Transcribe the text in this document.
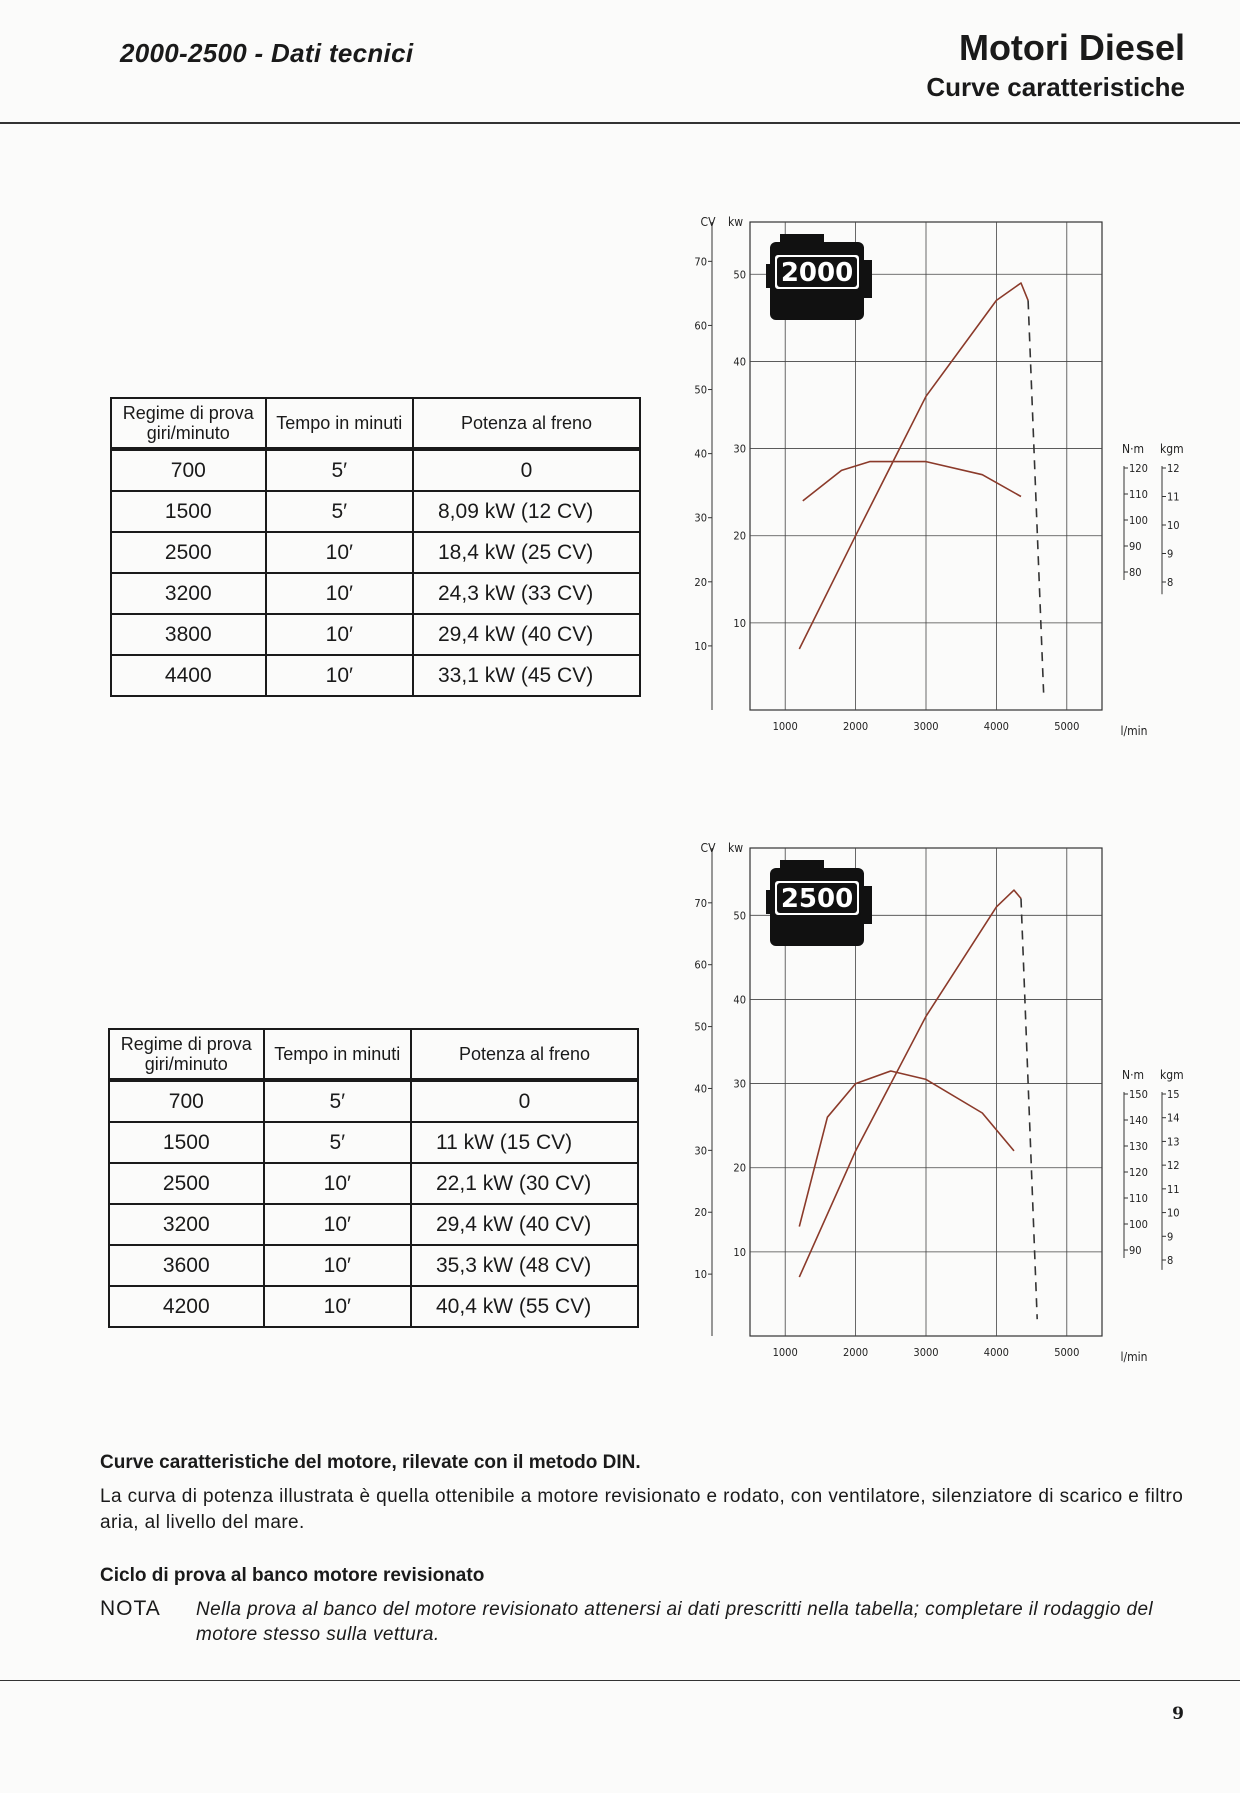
2000-2500 - Dati tecnici	Motori Diesel
Curve caratteristiche
Regime di prova giri/minuto	Tempo in minuti	Potenza al freno
700	5′	0
1500	5′	8,09 kW (12 CV)
2500	10′	18,4 kW (25 CV)
3200	10′	24,3 kW (33 CV)
3800	10′	29,4 kW (40 CV)
4400	10′	33,1 kW (45 CV)
Regime di prova giri/minuto	Tempo in minuti	Potenza al freno
700	5′	0
1500	5′	11 kW (15 CV)
2500	10′	22,1 kW (30 CV)
3200	10′	29,4 kW (40 CV)
3600	10′	35,3 kW (48 CV)
4200	10′	40,4 kW (55 CV)
1000	2000	3000	4000	5000	l/min
10
20
30
40
50
10
20
30
40
50
60
70
CV kw
2000
N·m kgm
120
110
100
90
80
12
11
10
9
8
1000	2000	3000	4000	5000	l/min
10
20
30
40
50
10
20
30
40
50
60
70
CV kw
2500
N·m kgm
150
140
130
120
110
100
90
15
14
13
12
11
10
9
8
Curve caratteristiche del motore, rilevate con il metodo DIN.
La curva di potenza illustrata è quella ottenibile a motore revisionato e rodato, con ventilatore, silenziatore di scarico e filtro aria, al livello del mare.
Ciclo di prova al banco motore revisionato
NOTA	Nella prova al banco del motore revisionato attenersi ai dati prescritti nella tabella; completare il rodaggio del motore stesso sulla vettura.
9
